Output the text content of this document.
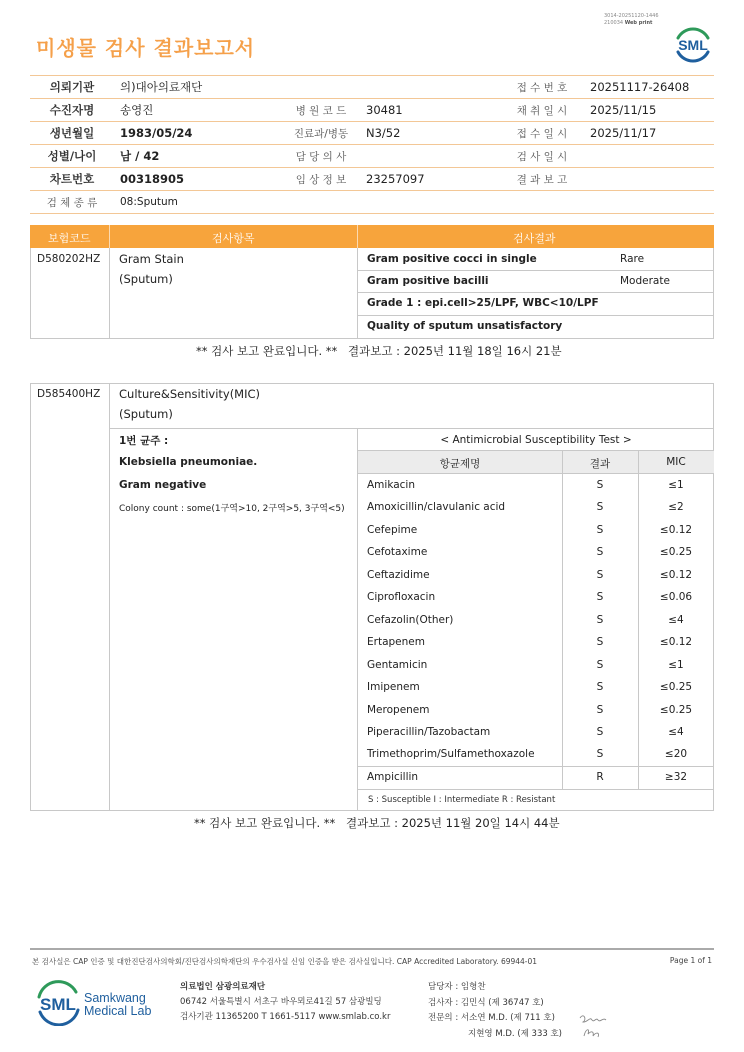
3014-20251120-1446
210034 Web print
미생물 검사 결과보고서	SML
의뢰기관	의)대아의료재단			접 수 번 호	20251117-26408
수진자명	송영진	병 원 코 드	30481	채 취 일 시	2025/11/15
생년월일	1983/05/24	진료과/병동	N3/52	접 수 일 시	2025/11/17
성별/나이	남 / 42	담 당 의 사		검 사 일 시	
차트번호	00318905	임 상 정 보	23257097	결 과 보 고	
검 체 종 류	08:Sputum				
보험코드	검사항목	검사결과
D580202HZ Gram Stain
(Sputum)
Gram positive cocci in single	Rare
Gram positive bacilli	Moderate
Grade 1 : epi.cell>25/LPF, WBC<10/LPF
Quality of sputum unsatisfactory
** 검사 보고 완료입니다. ** 결과보고 : 2025년 11월 18일 16시 21분
D585400HZ Culture&Sensitivity(MIC)
(Sputum)
1번 균주 :
Klebsiella pneumoniae.
Gram negative
Colony count : some(1구역>10, 2구역>5, 3구역<5)
< Antimicrobial Susceptibility Test >
항균제명	결과	MIC
Amikacin	S	≤1
Amoxicillin/clavulanic acid	S	≤2
Cefepime	S	≤0.12
Cefotaxime	S	≤0.25
Ceftazidime	S	≤0.12
Ciprofloxacin	S	≤0.06
Cefazolin(Other)	S	≤4
Ertapenem	S	≤0.12
Gentamicin	S	≤1
Imipenem	S	≤0.25
Meropenem	S	≤0.25
Piperacillin/Tazobactam	S	≤4
Trimethoprim/Sulfamethoxazole	S	≤20
Ampicillin	R	≥32
S : Susceptible I : Intermediate R : Resistant
** 검사 보고 완료입니다. ** 결과보고 : 2025년 11월 20일 14시 44분
본 검사실은 CAP 인증 및 대한진단검사의학회/진단검사의학재단의 우수검사실 신임 인증을 받은 검사실입니다. CAP Accredited Laboratory. 69944-01	Page 1 of 1
SML Samkwang
Medical Lab
의료법인 삼광의료재단
06742 서울특별시 서초구 바우뫼로41길 57 삼광빌딩
검사기관 11365200 T 1661-5117 www.smlab.co.kr
담당자 : 임형찬
검사자 : 김민식 (제 36747 호)
전문의 : 서소연 M.D. (제 711 호)
지현영 M.D. (제 333 호)
